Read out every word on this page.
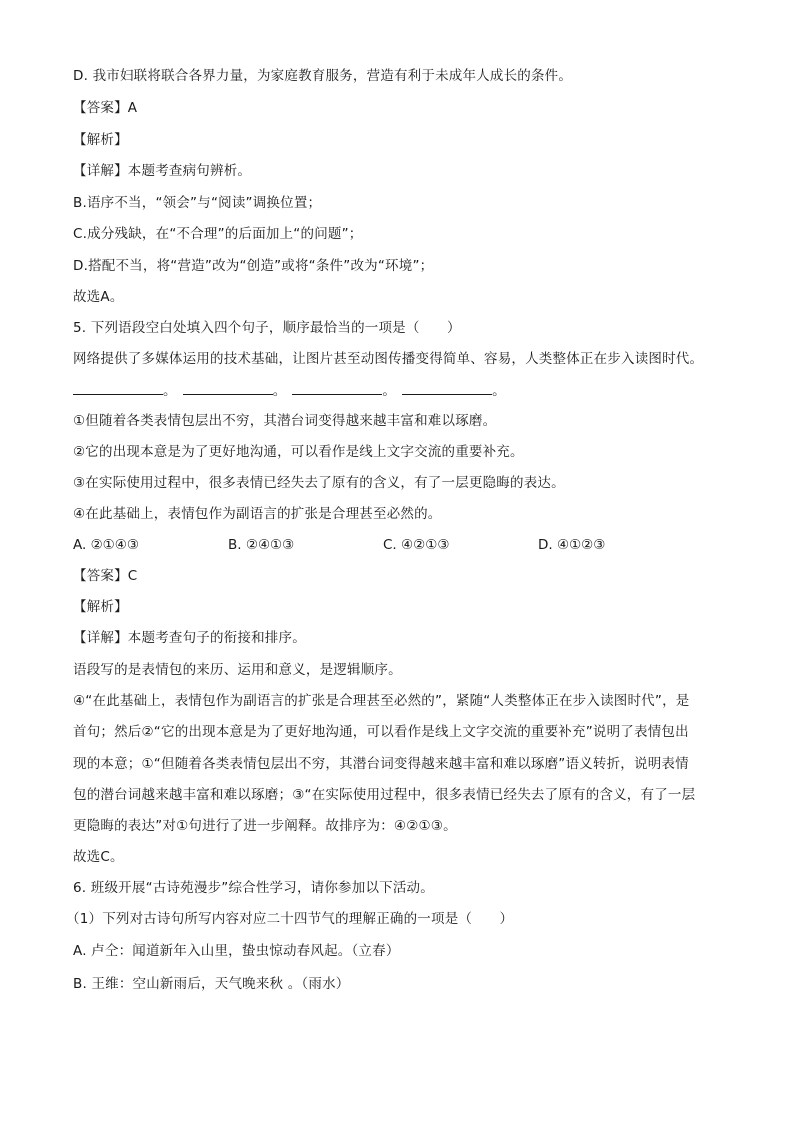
D. 我市妇联将联合各界力量，为家庭教育服务，营造有利于未成年人成长的条件。
【答案】A
【解析】
【详解】本题考查病句辨析。
B.语序不当，“领会”与“阅读”调换位置；
C.成分残缺，在“不合理”的后面加上“的问题”；
D.搭配不当，将“营造”改为“创造”或将“条件”改为“环境”；
故选A。
5. 下列语段空白处填入四个句子，顺序最恰当的一项是（　　）
网络提供了多媒体运用的技术基础，让图片甚至动图传播变得简单、容易，人类整体正在步入读图时代。
。	。	。	。
①但随着各类表情包层出不穷，其潜台词变得越来越丰富和难以琢磨。
②它的出现本意是为了更好地沟通，可以看作是线上文字交流的重要补充。
③在实际使用过程中，很多表情已经失去了原有的含义，有了一层更隐晦的表达。
④在此基础上，表情包作为副语言的扩张是合理甚至必然的。
A. ②①④③	B. ②④①③	C. ④②①③	D. ④①②③
【答案】C
【解析】
【详解】本题考查句子的衔接和排序。
语段写的是表情包的来历、运用和意义，是逻辑顺序。
④“在此基础上，表情包作为副语言的扩张是合理甚至必然的”，紧随“人类整体正在步入读图时代”，是
首句；然后②“它的出现本意是为了更好地沟通，可以看作是线上文字交流的重要补充”说明了表情包出
现的本意；①“但随着各类表情包层出不穷，其潜台词变得越来越丰富和难以琢磨”语义转折，说明表情
包的潜台词越来越丰富和难以琢磨；③“在实际使用过程中，很多表情已经失去了原有的含义，有了一层
更隐晦的表达”对①句进行了进一步阐释。故排序为：④②①③。
故选C。
6. 班级开展“古诗苑漫步”综合性学习，请你参加以下活动。
（1）下列对古诗句所写内容对应二十四节气的理解正确的一项是（　　）
A. 卢仝：闻道新年入山里，蛰虫惊动春风起。（立春）
B. 王维：空山新雨后，天气晚来秋 。（雨水）
